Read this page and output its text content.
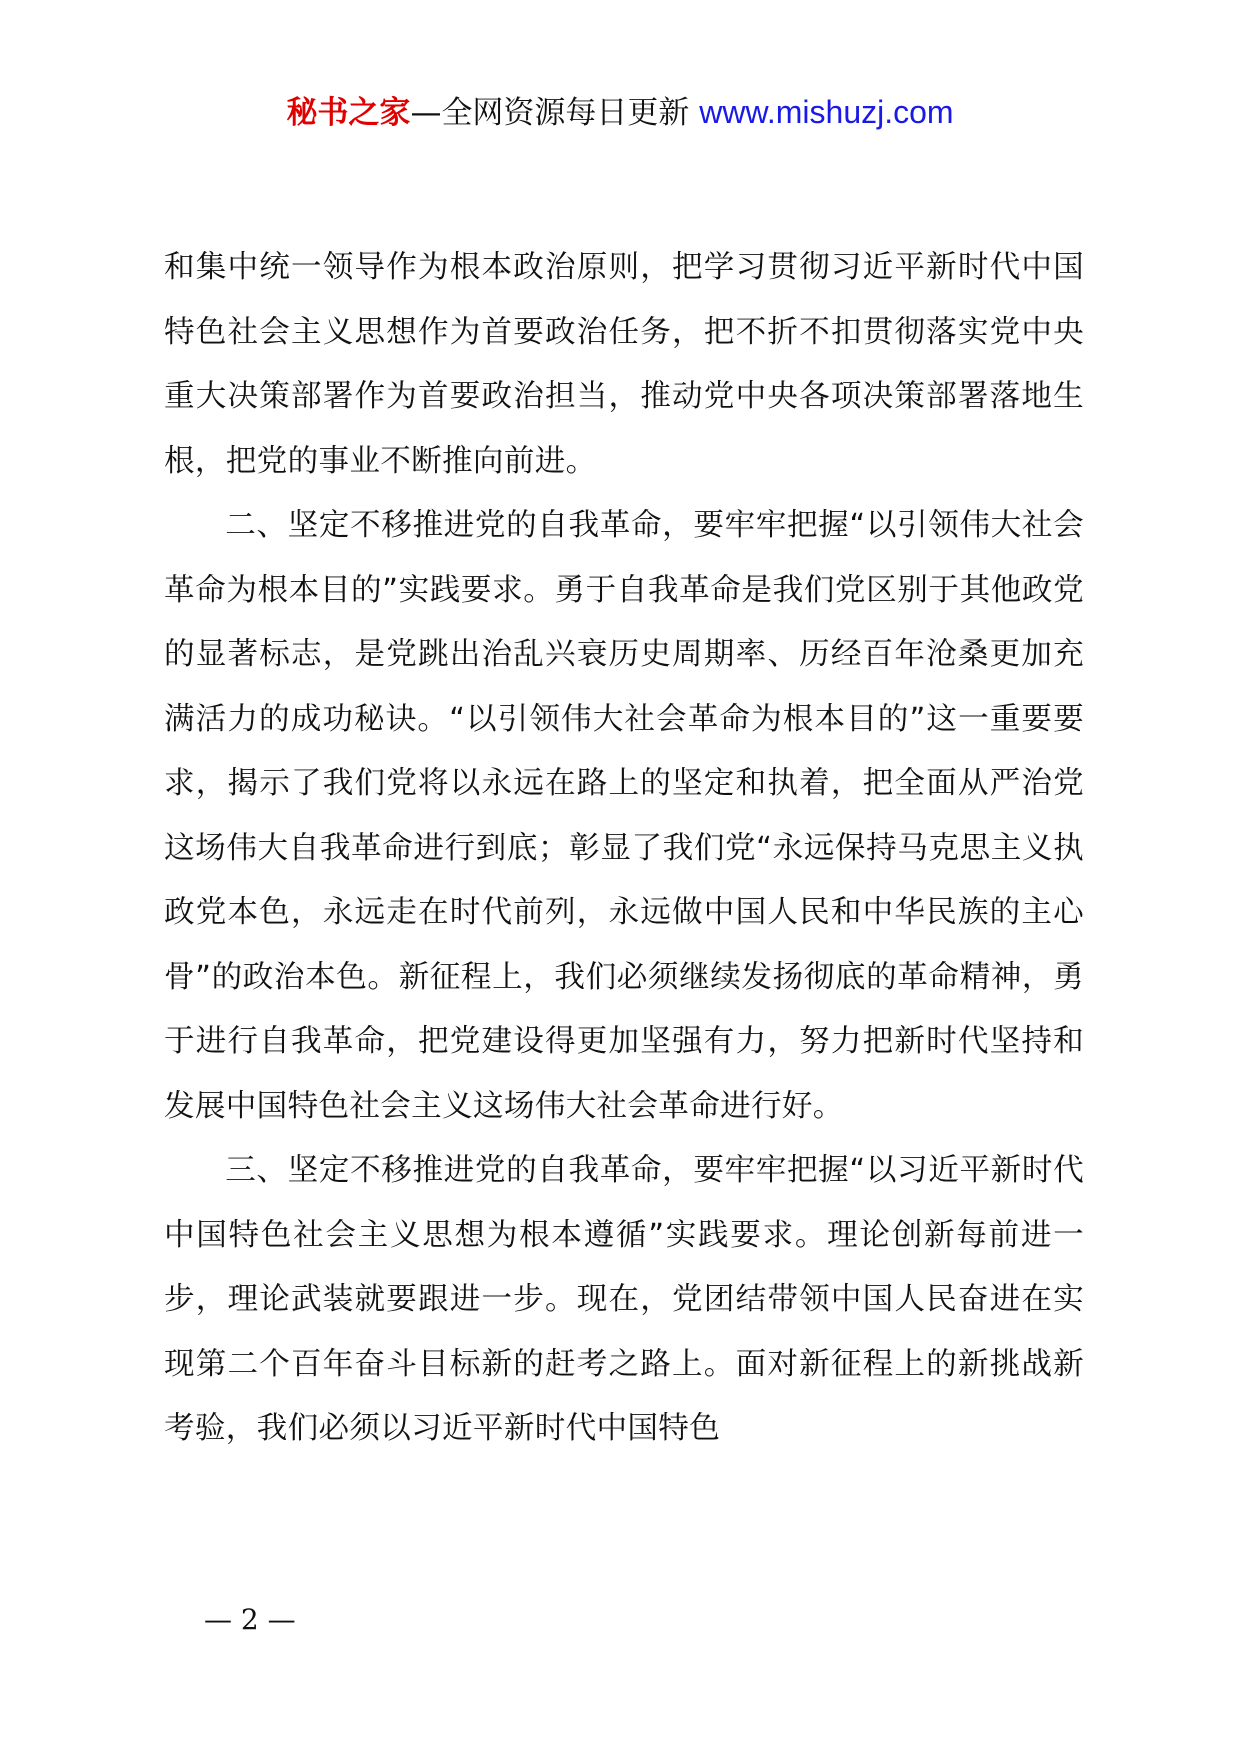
秘书之家—全网资源每日更新 www.mishuzj.com

和集中统一领导作为根本政治原则，把学习贯彻习近平新时代中国特色社会主义思想作为首要政治任务，把不折不扣贯彻落实党中央重大决策部署作为首要政治担当，推动党中央各项决策部署落地生根，把党的事业不断推向前进。

二、坚定不移推进党的自我革命，要牢牢把握“以引领伟大社会革命为根本目的”实践要求。勇于自我革命是我们党区别于其他政党的显著标志，是党跳出治乱兴衰历史周期率、历经百年沧桑更加充满活力的成功秘诀。“以引领伟大社会革命为根本目的”这一重要要求，揭示了我们党将以永远在路上的坚定和执着，把全面从严治党这场伟大自我革命进行到底；彰显了我们党“永远保持马克思主义执政党本色，永远走在时代前列，永远做中国人民和中华民族的主心骨”的政治本色。新征程上，我们必须继续发扬彻底的革命精神，勇于进行自我革命，把党建设得更加坚强有力，努力把新时代坚持和发展中国特色社会主义这场伟大社会革命进行好。

三、坚定不移推进党的自我革命，要牢牢把握“以习近平新时代中国特色社会主义思想为根本遵循”实践要求。理论创新每前进一步，理论武装就要跟进一步。现在，党团结带领中国人民奋进在实现第二个百年奋斗目标新的赶考之路上。面对新征程上的新挑战新考验，我们必须以习近平新时代中国特色

— 2 —
